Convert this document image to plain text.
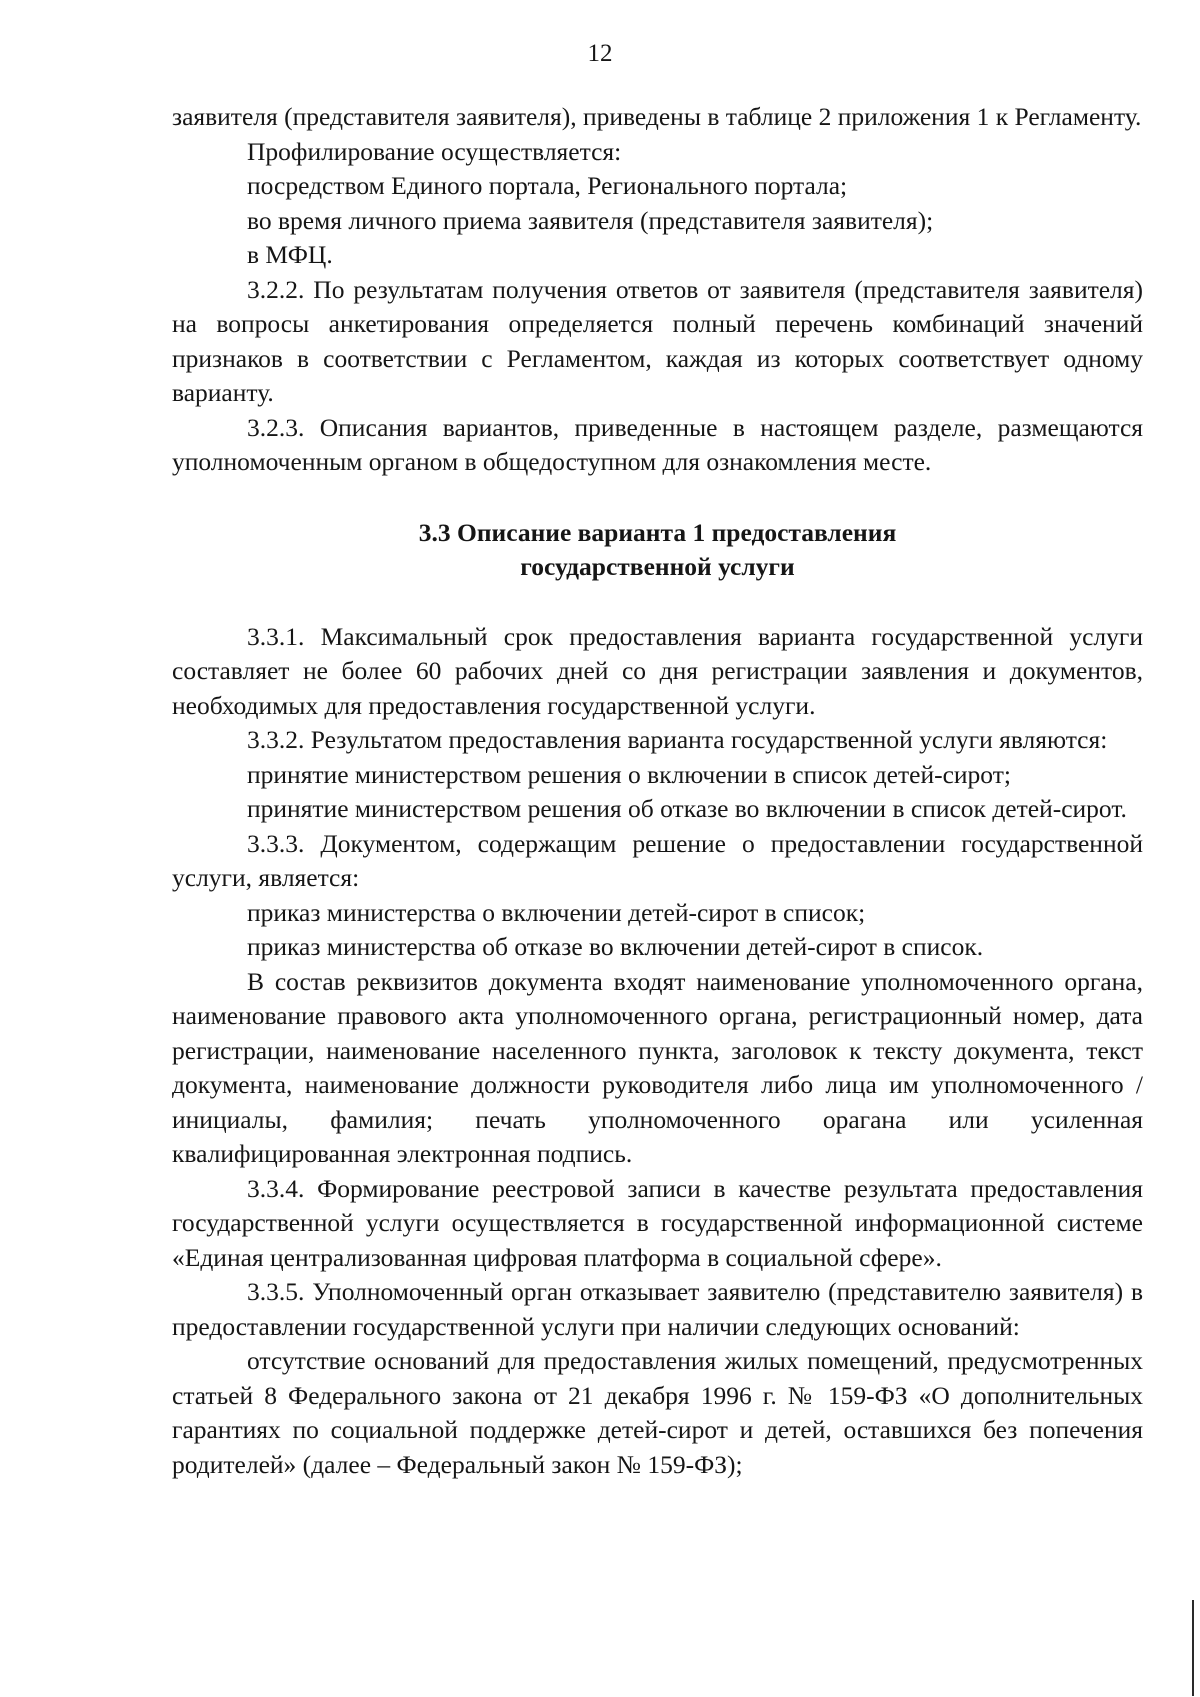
12

заявителя (представителя заявителя), приведены в таблице 2 приложения 1 к Регламенту.

Профилирование осуществляется:

посредством Единого портала, Регионального портала;

во время личного приема заявителя (представителя заявителя);

в МФЦ.

3.2.2. По результатам получения ответов от заявителя (представителя заявителя) на вопросы анкетирования определяется полный перечень комбинаций значений признаков в соответствии с Регламентом, каждая из которых соответствует одному варианту.

3.2.3. Описания вариантов, приведенные в настоящем разделе, размещаются уполномоченным органом в общедоступном для ознакомления месте.

3.3 Описание варианта 1 предоставления
государственной услуги

3.3.1. Максимальный срок предоставления варианта государственной услуги составляет не более 60 рабочих дней со дня регистрации заявления и документов, необходимых для предоставления государственной услуги.

3.3.2. Результатом предоставления варианта государственной услуги являются:

принятие министерством решения о включении в список детей-сирот;

принятие министерством решения об отказе во включении в список детей-сирот.

3.3.3. Документом, содержащим решение о предоставлении государственной услуги, является:

приказ министерства о включении детей-сирот в список;

приказ министерства об отказе во включении детей-сирот в список.

В состав реквизитов документа входят наименование уполномоченного органа, наименование правового акта уполномоченного органа, регистрационный номер, дата регистрации, наименование населенного пункта, заголовок к тексту документа, текст документа, наименование должности руководителя либо лица им уполномоченного / инициалы, фамилия; печать уполномоченного орагана или усиленная квалифицированная электронная подпись.

3.3.4. Формирование реестровой записи в качестве результата предоставления государственной услуги осуществляется в государственной информационной системе «Единая централизованная цифровая платформа в социальной сфере».

3.3.5. Уполномоченный орган отказывает заявителю (представителю заявителя) в предоставлении государственной услуги при наличии следующих оснований:

отсутствие оснований для предоставления жилых помещений, предусмотренных статьей 8 Федерального закона от 21 декабря 1996 г. № 159-ФЗ «О дополнительных гарантиях по социальной поддержке детей-сирот и детей, оставшихся без попечения родителей» (далее – Федеральный закон № 159-ФЗ);
